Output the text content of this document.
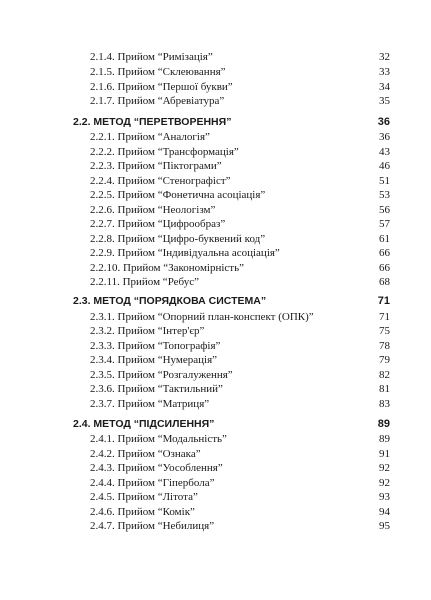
2.1.4. Прийом “Римізація”	32
2.1.5. Прийом “Склеювання”	33
2.1.6. Прийом “Першої букви”	34
2.1.7. Прийом “Абревіатура”	35
2.2. МЕТОД “ПЕРЕТВОРЕННЯ”	36
2.2.1. Прийом “Аналогія”	36
2.2.2. Прийом “Трансформація”	43
2.2.3. Прийом “Піктограми”	46
2.2.4. Прийом “Стенографіст”	51
2.2.5. Прийом “Фонетична асоціація”	53
2.2.6. Прийом “Неологізм”	56
2.2.7. Прийом “Цифрообраз”	57
2.2.8. Прийом “Цифро-буквений код”	61
2.2.9. Прийом “Індивідуальна асоціація”	66
2.2.10. Прийом “Закономірність”	66
2.2.11. Прийом “Ребус”	68
2.3. МЕТОД “ПОРЯДКОВА СИСТЕМА”	71
2.3.1. Прийом “Опорний план-конспект (ОПК)”	71
2.3.2. Прийом “Інтер'єр”	75
2.3.3. Прийом “Топографія”	78
2.3.4. Прийом “Нумерація”	79
2.3.5. Прийом “Розгалуження”	82
2.3.6. Прийом “Тактильний”	81
2.3.7. Прийом “Матриця”	83
2.4. МЕТОД “ПІДСИЛЕННЯ”	89
2.4.1. Прийом “Модальність”	89
2.4.2. Прийом “Ознака”	91
2.4.3. Прийом “Уособлення”	92
2.4.4. Прийом “Гіпербола”	92
2.4.5. Прийом “Літота”	93
2.4.6. Прийом “Комік”	94
2.4.7. Прийом “Небилиця”	95
